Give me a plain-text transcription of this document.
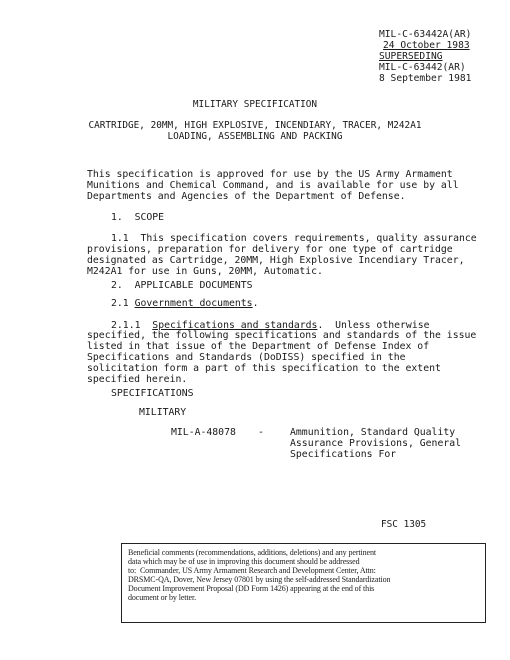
MIL-C-63442A(AR)
24 October 1983
SUPERSEDING
MIL-C-63442(AR)
8 September 1981
MILITARY SPECIFICATION
CARTRIDGE, 20MM, HIGH EXPLOSIVE, INCENDIARY, TRACER, M242A1
LOADING, ASSEMBLING AND PACKING
This specification is approved for use by the US Army Armament
Munitions and Chemical Command, and is available for use by all
Departments and Agencies of the Department of Defense.
1.  SCOPE
1.1  This specification covers requirements, quality assurance
provisions, preparation for delivery for one type of cartridge
designated as Cartridge, 20MM, High Explosive Incendiary Tracer,
M242A1 for use in Guns, 20MM, Automatic.
2.  APPLICABLE DOCUMENTS
2.1 Government documents.
2.1.1 Specifications and standards.  Unless otherwise
specified, the following specifications and standards of the issue
listed in that issue of the Department of Defense Index of
Specifications and Standards (DoDISS) specified in the
solicitation form a part of this specification to the extent
specified herein.
SPECIFICATIONS
MILITARY
MIL-A-48078 -	Ammunition, Standard Quality
Assurance Provisions, General
Specifications For
FSC 1305
Beneficial comments (recommendations, additions, deletions) and any pertinent
data which may be of use in improving this document should be addressed
to:  Commander, US Army Armament Research and Development Center, Attn:
DRSMC-QA, Dover, New Jersey 07801 by using the self-addressed Standardization
Document Improvement Proposal (DD Form 1426) appearing at the end of this
document or by letter.
